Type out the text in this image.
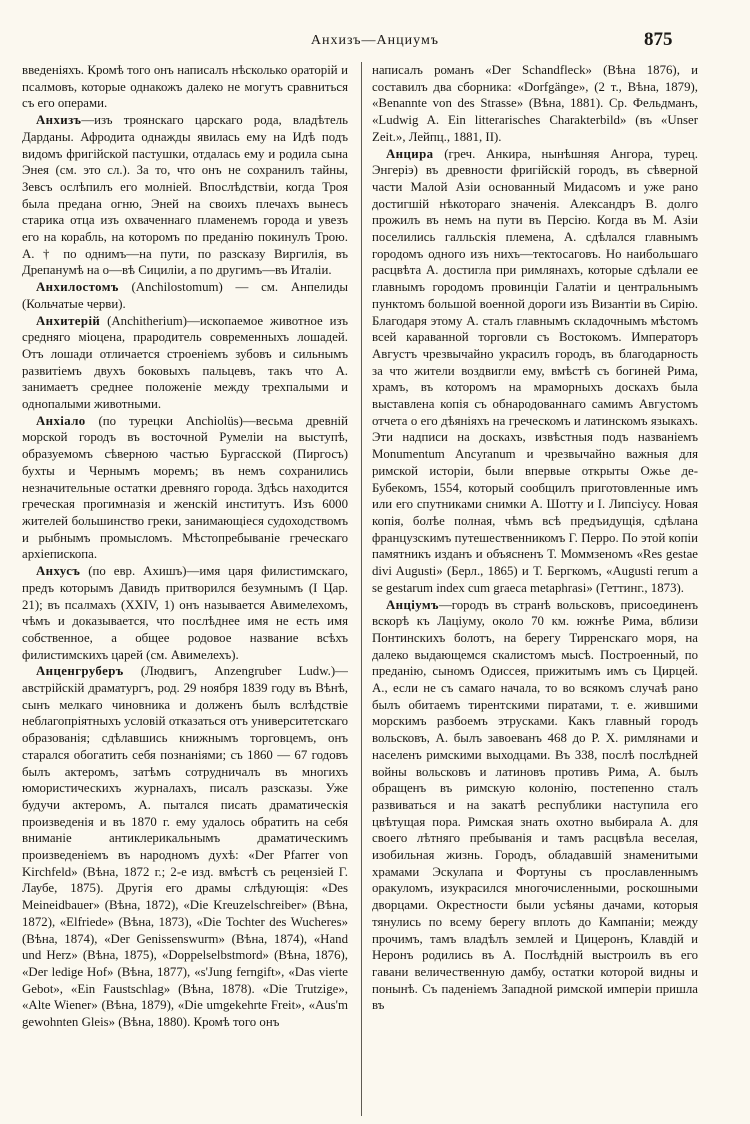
Анхизъ—Анциумъ	875

введеніяхъ. Кромѣ того онъ написалъ нѣсколько ораторій и псалмовъ, которые однакожъ далеко не могутъ сравниться съ его операми.

Анхизъ—изъ троянскаго царскаго рода, владѣтель Дарданы. Афродита однажды явилась ему на Идѣ подъ видомъ фригійской пастушки, отдалась ему и родила сына Энея (см. это сл.). За то, что онъ не сохранилъ тайны, Зевсъ ослѣпилъ его молніей. Впослѣдствіи, когда Троя была предана огню, Эней на своихъ плечахъ вынесъ старика отца изъ охваченнаго пламенемъ города и увезъ его на корабль, на которомъ по преданію покинулъ Трою. А. † по однимъ—на пути, по разсказу Виргилія, въ Дрепанумѣ на о—вѣ Сициліи, а по другимъ—въ Италіи.

Анхилостомъ (Anchilostomum) — см. Анпелиды (Кольчатые черви).

Анхитерій (Anchitherium)—ископаемое животное изъ средняго міоцена, прародитель современныхъ лошадей. Отъ лошади отличается строеніемъ зубовъ и сильнымъ развитіемъ двухъ боковыхъ пальцевъ, такъ что А. занимаетъ среднее положеніе между трехпалыми и однопалыми животными.

Анхіало (по турецки Anchiolüs)—весьма древній морской городъ въ восточной Румеліи на выступѣ, образуемомъ сѣверною частью Бургасской (Пиргосъ) бухты и Чернымъ моремъ; въ немъ сохранились незначительные остатки древняго города. Здѣсь находится греческая прогимназія и женскій институтъ. Изъ 6000 жителей большинство греки, занимающіеся судоходствомъ и рыбнымъ промысломъ. Мѣстопребываніе греческаго архіепископа.

Анхусъ (по евр. Ахишъ)—имя царя филистимскаго, предъ которымъ Давидъ притворился безумнымъ (I Цар. 21); въ псалмахъ (XXIV, 1) онъ называется Авимелехомъ, чѣмъ и доказывается, что послѣднее имя не есть имя собственное, а общее родовое название всѣхъ филистимскихъ царей (см. Авимелехъ).

Анценгруберъ (Людвигъ, Anzengruber Ludw.)—австрійскій драматургъ, род. 29 ноября 1839 году въ Вѣнѣ, сынъ мелкаго чиновника и долженъ былъ вслѣдствіе неблагопріятныхъ условій отказаться отъ университетскаго образованія; сдѣлавшись книжнымъ торговцемъ, онъ старался обогатить себя познаніями; съ 1860 — 67 годовъ былъ актеромъ, затѣмъ сотрудничалъ въ многихъ юмористическихъ журналахъ, писалъ разсказы. Уже будучи актеромъ, А. пытался писать драматическія произведенія и въ 1870 г. ему удалось обратить на себя вниманіе антиклерикальнымъ драматическимъ произведеніемъ въ народномъ духѣ: «Der Pfarrer von Kirchfeld» (Вѣна, 1872 г.; 2-е изд. вмѣстѣ съ рецензіей Г. Лаубе, 1875). Другія его драмы слѣдующія: «Des Meineidbauer» (Вѣна, 1872), «Die Kreuzelschreiber» (Вѣна, 1872), «Elfriede» (Вѣна, 1873), «Die Tochter des Wucheres» (Вѣна, 1874), «Der Genissenswurm» (Вѣна, 1874), «Hand und Herz» (Вѣна, 1875), «Doppelselbstmord» (Вѣна, 1876), «Der ledige Hof» (Вѣна, 1877), «s'Jung ferngift», «Das vierte Gebot», «Ein Faustschlag» (Вѣна, 1878). «Die Trutzige», «Alte Wiener» (Вѣна, 1879), «Die umgekehrte Freit», «Aus'm gewohnten Gleis» (Вѣна, 1880). Кромѣ того онъ

написалъ романъ «Der Schandfleck» (Вѣна 1876), и составилъ два сборника: «Dorfgänge», (2 т., Вѣна, 1879), «Benannte von des Strasse» (Вѣна, 1881). Ср. Фельдманъ, «Ludwig A. Ein litterarisches Charakterbild» (въ «Unser Zeit.», Лейпц., 1881, II).

Анцира (греч. Анкира, нынѣшняя Ангора, турец. Энгеріэ) въ древности фригійскій городъ, въ сѣверной части Малой Азіи основанный Мидасомъ и уже рано достигшій нѣкотораго значенія. Александръ В. долго прожилъ въ немъ на пути въ Персію. Когда въ М. Азіи поселились галльскія племена, А. сдѣлался главнымъ городомъ одного изъ нихъ—тектосаговъ. Но наибольшаго расцвѣта А. достигла при римлянахъ, которые сдѣлали ее главнымъ городомъ провинціи Галатіи и центральнымъ пунктомъ большой военной дороги изъ Византіи въ Сирію. Благодаря этому А. сталъ главнымъ складочнымъ мѣстомъ всей караванной торговли съ Востокомъ. Императоръ Августъ чрезвычайно украсилъ городъ, въ благодарность за что жители воздвигли ему, вмѣстѣ съ богиней Рима, храмъ, въ которомъ на мраморныхъ доскахъ была выставлена копія съ обнародованнаго самимъ Августомъ отчета о его дѣяніяхъ на греческомъ и латинскомъ языкахъ. Эти надписи на доскахъ, извѣстныя подъ названіемъ Monumentum Ancyranum и чрезвычайно важныя для римской исторіи, были впервые открыты Ожье де-Бубекомъ, 1554, который сообщилъ приготовленные имъ или его спутниками снимки А. Шотту и I. Липсіусу. Новая копія, болѣе полная, чѣмъ всѣ предъидущія, сдѣлана французскимъ путешественникомъ Г. Перро. По этой копіи памятникъ изданъ и объясненъ Т. Моммзеномъ «Res gestae divi Augusti» (Берл., 1865) и Т. Бергкомъ, «Augusti rerum a se gestarum index cum graeca metaphrasi» (Геттинг., 1873).

Анціумъ—городъ въ странѣ вольсковъ, присоединенъ вскорѣ къ Лаціуму, около 70 км. южнѣе Рима, вблизи Понтинскихъ болотъ, на берегу Тирренскаго моря, на далеко выдающемся скалистомъ мысѣ. Построенный, по преданію, сыномъ Одиссея, прижитымъ имъ съ Цирцей. А., если не съ самаго начала, то во всякомъ случаѣ рано былъ обитаемъ тирентскими пиратами, т. е. жившими морскимъ разбоемъ этрусками. Какъ главный городъ вольсковъ, А. былъ завоеванъ 468 до Р. Х. римлянами и населенъ римскими выходцами. Въ 338, послѣ послѣдней войны вольсковъ и латиновъ противъ Рима, А. былъ обращенъ въ римскую колонію, постепенно сталъ развиваться и на закатѣ республики наступила его цвѣтущая пора. Римская знать охотно выбирала А. для своего лѣтняго пребыванія и тамъ расцвѣла веселая, изобильная жизнь. Городъ, обладавшій знаменитыми храмами Эскулапа и Фортуны съ прославленнымъ оракуломъ, изукрасился многочисленными, роскошными дворцами. Окрестности были усѣяны дачами, которыя тянулись по всему берегу вплоть до Кампаніи; между прочимъ, тамъ владѣлъ землей и Цицеронъ, Клавдій и Неронъ родились въ А. Послѣдній выстроилъ въ его гавани величественную дамбу, остатки которой видны и понынѣ. Съ паденіемъ Западной римской имперіи пришла въ
